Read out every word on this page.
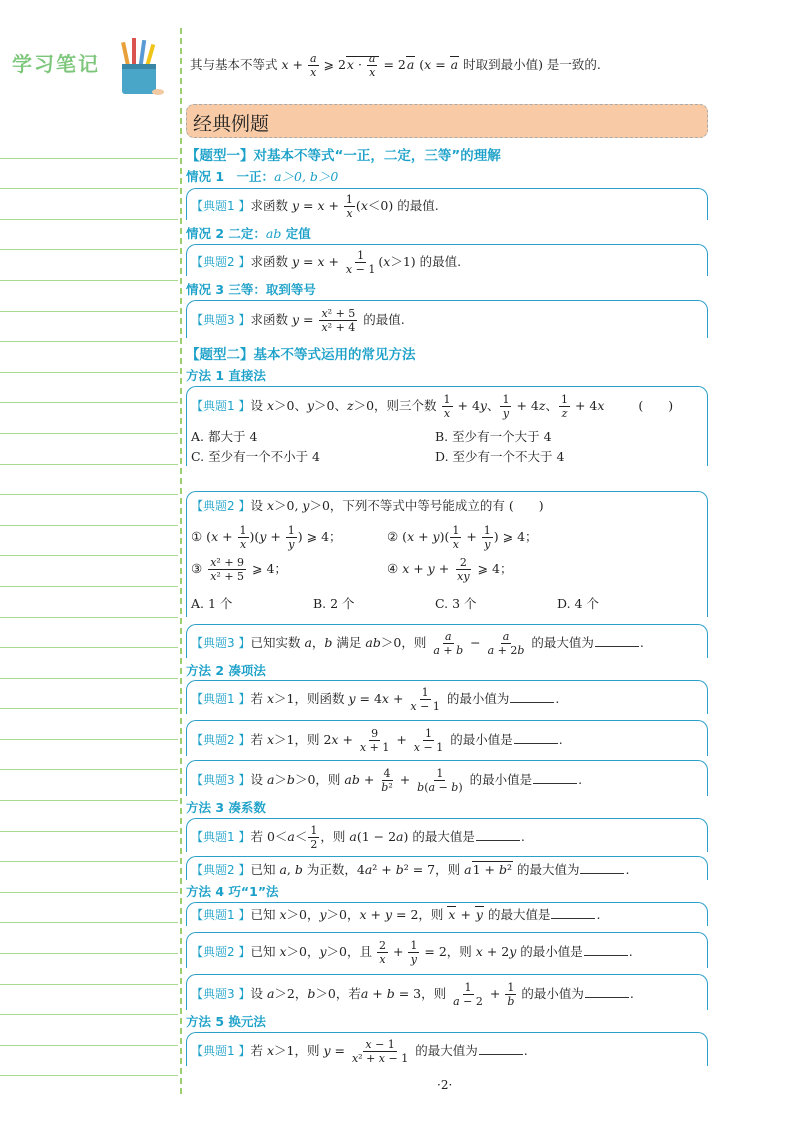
学习笔记	其与基本不等式 $x + \frac{a}{x}$ ⩾ $2x \cdot \frac{a}{x} = 2a$ (x = a 时取到最小值) 是一致的.
经典例题
【题型一】对基本不等式“一正，二定，三等”的理解
情况 1　一正：a＞0, b＞0
【典题1 】求函数 $y = x + \frac{1}{x} (x<0)$ 的最值.
情况 2 二定：ab 定值
【典题2 】求函数 $y = x + \frac{1}{x - 1} (x>1)$ 的最值.
情况 3 三等：取到等号
【典题3 】求函数 $y = \frac{\text{x² + 5}}{\text{x² + 4}}$ 的最值.
【题型二】基本不等式运用的常见方法
方法 1 直接法
【典题1 】设 x＞0、y＞0、z＞0，则三个数 $\frac{1}{x} + 4y$、 $\frac{1}{y} + 4z$、 $\frac{1}{z} + 4x$	(　　)
A. 都大于 4	B. 至少有一个大于 4
C. 至少有一个不小于 4	D. 至少有一个不大于 4
【典题2 】设 x＞0, y＞0，下列不等式中等号能成立的有 (　　)
① $(x + \frac{1}{x} )(y + \frac{1}{y}$ ) ⩾ 4；	② $(x + y)( \frac{1}{x} + \frac{1}{y}$ ) ⩾ 4；
③ $\frac{\text{x² + 9}}{\text{x² + 5}}$ ⩾ 4；	④ $x + y + \frac{2}{xy}$ ⩾ 4；
A. 1 个	B. 2 个	C. 3 个	D. 4 个
【典题3 】已知实数 a，b 满足 ab＞0，则 $\frac{a}{a + b} - \frac{a}{a + 2b}$ 的最大值为	.
方法 2 凑项法
【典题1 】若 x＞1，则函数 $y = 4x + \frac{1}{x - 1}$ 的最小值为	.
【典题2 】若 x＞1，则 $2x + \frac{9}{x + 1} + \frac{1}{x - 1}$ 的最小值是	.
【典题3 】设 a＞b＞0，则 ab + $\frac{4}{\text{b²}} + \frac{1}{b(a - b)}$ 的最小值是	.
方法 3 凑系数
【典题1 】若 $0<a< \frac{1}{2}$ ，则 a(1 − 2a) 的最大值是	.
【典题2 】已知 a, b 为正数，4a² + b² = 7，则 a1 + b² 的最大值为	.
方法 4 巧“1”法
【典题1 】已知 x＞0，y＞0，x + y = 2，则 x + y 的最大值是	.
【典题2 】已知 x＞0，y＞0，且 $\frac{2}{x} + \frac{1}{y} = 2$，则 x + 2y 的最小值是	.
【典题3 】设 a＞2，b＞0，若a + b = 3，则 $\frac{1}{a - 2} + \frac{1}{b}$ 的最小值为	.
方法 5 换元法
【典题1 】若 x＞1，则 $y = \frac{x - 1}{\text{x² + x − 1}}$ 的最大值为	.
·2·
